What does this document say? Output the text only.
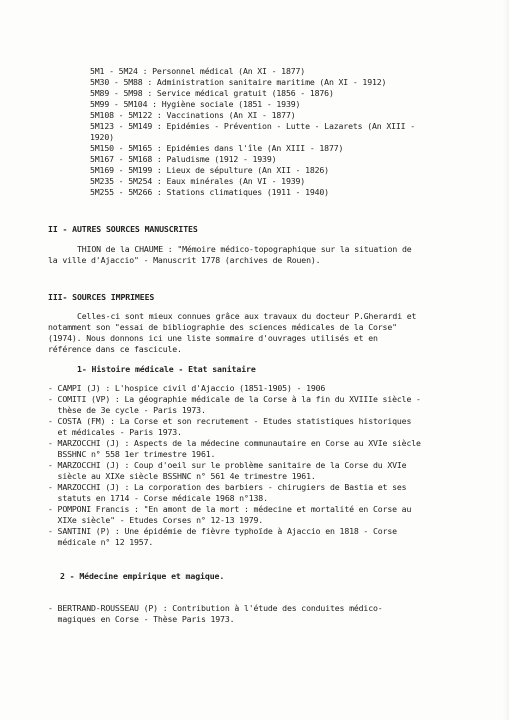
5M1 - 5M24 : Personnel médical (An XI - 1877)
5M30 - 5M88 : Administration sanitaire maritime (An XI - 1912)
5M89 - 5M98 : Service médical gratuit (1856 - 1876)
5M99 - 5M104 : Hygiène sociale (1851 - 1939)
5M108 - 5M122 : Vaccinations (An XI - 1877)
5M123 - 5M149 : Epidémies - Prévention - Lutte - Lazarets (An XIII -
1920)
5M150 - 5M165 : Epidémies dans l'île (An XIII - 1877)
5M167 - 5M168 : Paludisme (1912 - 1939)
5M169 - 5M199 : Lieux de sépulture (An XII - 1826)
5M235 - 5M254 : Eaux minérales (An VI - 1939)
5M255 - 5M266 : Stations climatiques (1911 - 1940)
II - AUTRES SOURCES MANUSCRITES
THION de la CHAUME : "Mémoire médico-topographique sur la situation de
la ville d'Ajaccio" - Manuscrit 1778 (archives de Rouen).
III- SOURCES IMPRIMEES
Celles-ci sont mieux connues grâce aux travaux du docteur P.Gherardi et
notamment son "essai de bibliographie des sciences médicales de la Corse"
(1974). Nous donnons ici une liste sommaire d'ouvrages utilisés et en
référence dans ce fascicule.
1- Histoire médicale - Etat sanitaire
- CAMPI (J) : L'hospice civil d'Ajaccio (1851-1905) - 1906
- COMITI (VP) : La géographie médicale de la Corse à la fin du XVIIIe siècle -
thèse de 3e cycle - Paris 1973.
- COSTA (FM) : La Corse et son recrutement - Etudes statistiques historiques
et médicales - Paris 1973.
- MARZOCCHI (J) : Aspects de la médecine communautaire en Corse au XVIe siècle
BSSHNC n° 558 1er trimestre 1961.
- MARZOCCHI (J) : Coup d'oeil sur le problème sanitaire de la Corse du XVIe
siècle au XIXe siècle BSSHNC n° 561 4e trimestre 1961.
- MARZOCCHI (J) : La corporation des barbiers - chirugiers de Bastia et ses
statuts en 1714 - Corse médicale 1968 n°138.
- POMPONI Francis : "En amont de la mort : médecine et mortalité en Corse au
XIXe siècle" - Etudes Corses n° 12-13 1979.
- SANTINI (P) : Une épidémie de fièvre typhoïde à Ajaccio en 1818 - Corse
médicale n° 12 1957.
2 - Médecine empirique et magique.
- BERTRAND-ROUSSEAU (P) : Contribution à l'étude des conduites médico-
magiques en Corse - Thèse Paris 1973.
